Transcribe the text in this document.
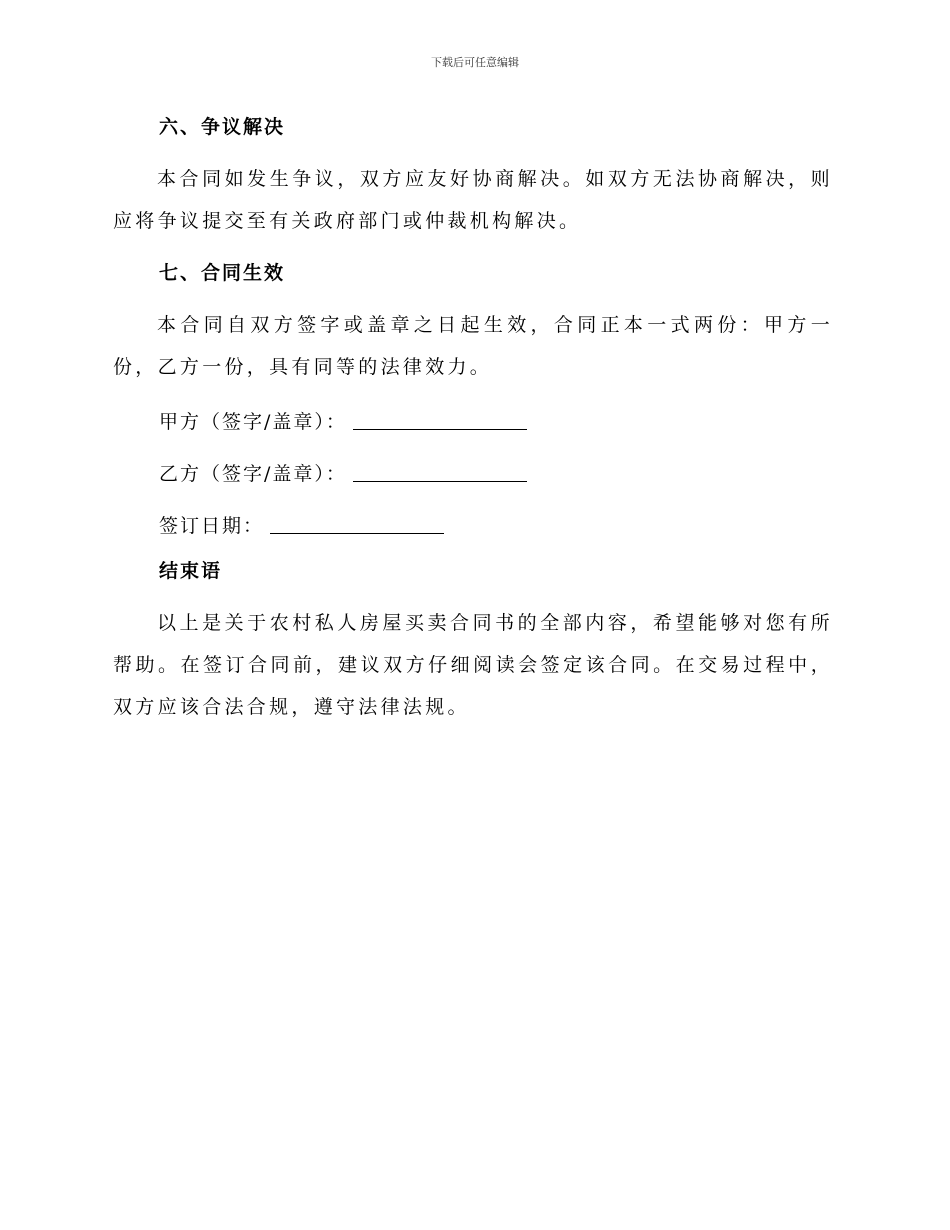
下载后可任意编辑
六、争议解决

本合同如发生争议，双方应友好协商解决。如双方无法协商解决，则应将争议提交至有关政府部门或仲裁机构解决。

七、合同生效

本合同自双方签字或盖章之日起生效，合同正本一式两份：甲方一份，乙方一份，具有同等的法律效力。

甲方（签字/盖章）：
乙方（签字/盖章）：
签订日期：
结束语

以上是关于农村私人房屋买卖合同书的全部内容，希望能够对您有所帮助。在签订合同前，建议双方仔细阅读会签定该合同。在交易过程中，双方应该合法合规，遵守法律法规。
